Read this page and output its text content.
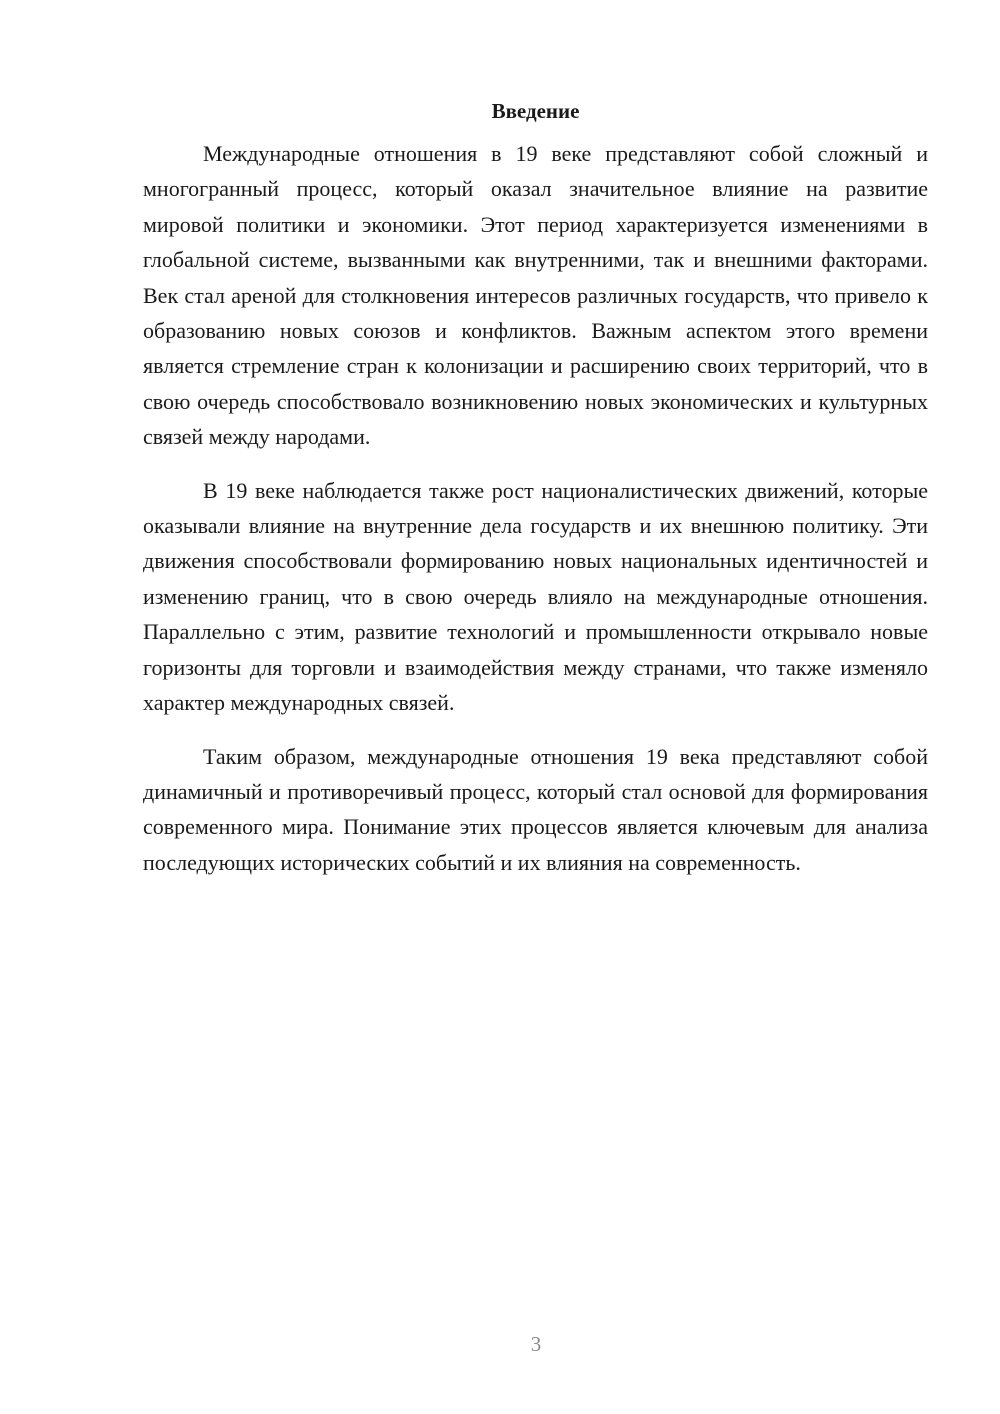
Введение

Международные отношения в 19 веке представляют собой сложный и многогранный процесс, который оказал значительное влияние на развитие мировой политики и экономики. Этот период характеризуется изменениями в глобальной системе, вызванными как внутренними, так и внешними факторами. Век стал ареной для столкновения интересов различных государств, что привело к образованию новых союзов и конфликтов. Важным аспектом этого времени является стремление стран к колонизации и расширению своих территорий, что в свою очередь способствовало возникновению новых экономических и культурных связей между народами.

В 19 веке наблюдается также рост националистических движений, которые оказывали влияние на внутренние дела государств и их внешнюю политику. Эти движения способствовали формированию новых национальных идентичностей и изменению границ, что в свою очередь влияло на международные отношения. Параллельно с этим, развитие технологий и промышленности открывало новые горизонты для торговли и взаимодействия между странами, что также изменяло характер международных связей.

Таким образом, международные отношения 19 века представляют собой динамичный и противоречивый процесс, который стал основой для формирования современного мира. Понимание этих процессов является ключевым для анализа последующих исторических событий и их влияния на современность.

3
